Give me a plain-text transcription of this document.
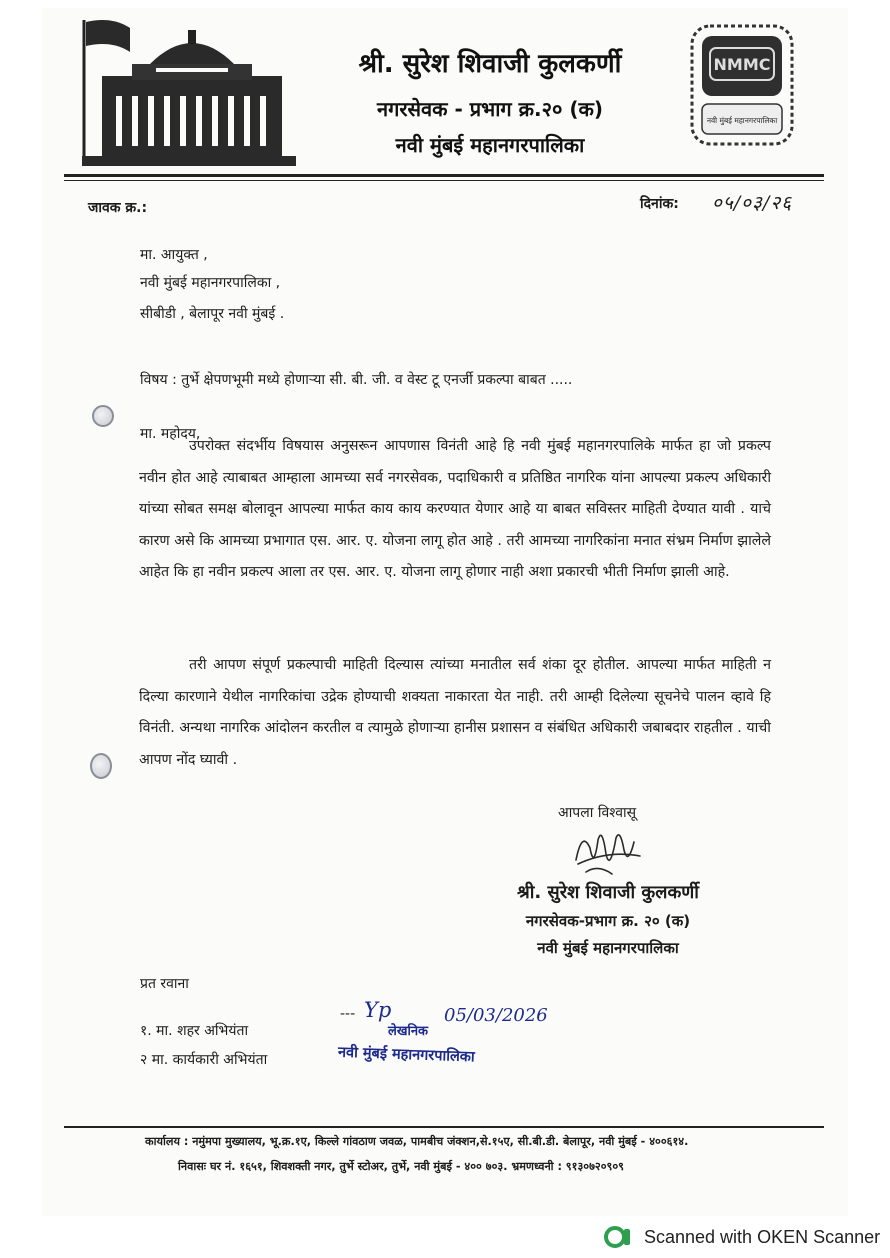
NMMC
नवी मुंबई महानगरपालिका
श्री. सुरेश शिवाजी कुलकर्णी
नगरसेवक - प्रभाग क्र.२० (क)
नवी मुंबई महानगरपालिका
जावक क्र.:	दिनांक: ०५/०३/२६
मा. आयुक्त ,
नवी मुंबई महानगरपालिका ,
सीबीडी , बेलापूर नवी मुंबई .
विषय : तुर्भे क्षेपणभूमी मध्ये होणाऱ्या सी. बी. जी. व वेस्ट टू एनर्जी प्रकल्पा बाबत .....
मा. महोदय,

उपरोक्त संदर्भीय विषयास अनुसरून आपणास विनंती आहे हि नवी मुंबई महानगरपालिके मार्फत हा जो प्रकल्प नवीन होत आहे त्याबाबत आम्हाला आमच्या सर्व नगरसेवक, पदाधिकारी व प्रतिष्ठित नागरिक यांना आपल्या प्रकल्प अधिकारी यांच्या सोबत समक्ष बोलावून आपल्या मार्फत काय काय करण्यात येणार आहे या बाबत सविस्तर माहिती देण्यात यावी . याचे कारण असे कि आमच्या प्रभागात एस. आर. ए. योजना लागू होत आहे . तरी आमच्या नागरिकांना मनात संभ्रम निर्माण झालेले आहेत कि हा नवीन प्रकल्प आला तर एस. आर. ए. योजना लागू होणार नाही अशा प्रकारची भीती निर्माण झाली आहे.

तरी आपण संपूर्ण प्रकल्पाची माहिती दिल्यास त्यांच्या मनातील सर्व शंका दूर होतील. आपल्या मार्फत माहिती न दिल्या कारणाने येथील नागरिकांचा उद्रेक होण्याची शक्यता नाकारता येत नाही. तरी आम्ही दिलेल्या सूचनेचे पालन व्हावे हि विनंती. अन्यथा नागरिक आंदोलन करतील व त्यामुळे होणाऱ्या हानीस प्रशासन व संबंधित अधिकारी जबाबदार राहतील . याची आपण नोंद घ्यावी .

आपला विश्वासू
श्री. सुरेश शिवाजी कुलकर्णी
नगरसेवक-प्रभाग क्र. २० (क)
नवी मुंबई महानगरपालिका
प्रत रवाना
१. मा. शहर अभियंता
२ मा. कार्यकारी अभियंता
--- Yp	05/03/2026
लेखनिक
नवी मुंबई महानगरपालिका
कार्यालय : नमुंमपा मुख्यालय, भू.क्र.१ए, किल्ले गांवठाण जवळ, पामबीच जंक्शन,से.१५ए, सी.बी.डी. बेलापूर, नवी मुंबई - ४००६१४.
निवासः घर नं. १६५१, शिवशक्ती नगर, तुर्भे स्टोअर, तुर्भे, नवी मुंबई - ४०० ७०३. भ्रमणध्वनी : ९१३०७२०९०९
Scanned with OKEN Scanner
